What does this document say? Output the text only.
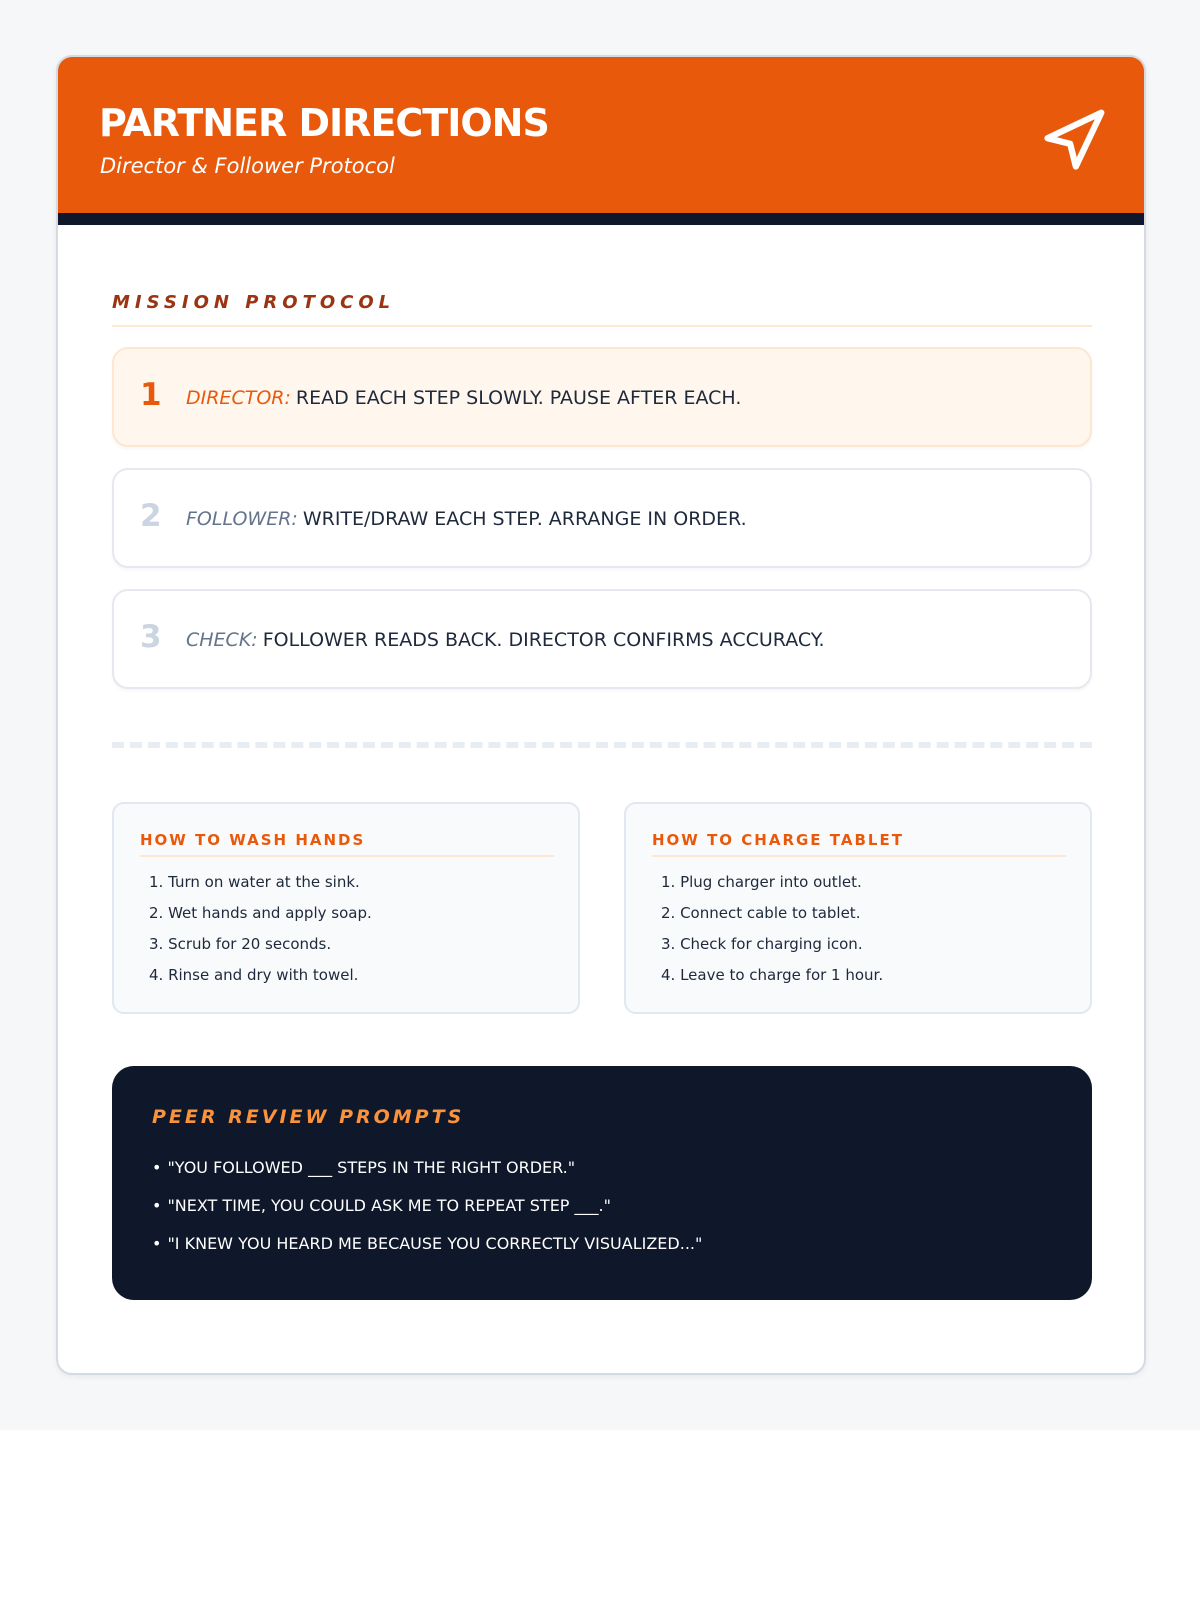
PARTNER DIRECTIONS
Director & Follower Protocol
MISSION PROTOCOL
1 DIRECTOR: READ EACH STEP SLOWLY. PAUSE AFTER EACH.
2 FOLLOWER: WRITE/DRAW EACH STEP. ARRANGE IN ORDER.
3 CHECK: FOLLOWER READS BACK. DIRECTOR CONFIRMS ACCURACY.
HOW TO WASH HANDS
1. Turn on water at the sink.
2. Wet hands and apply soap.
3. Scrub for 20 seconds.
4. Rinse and dry with towel.
HOW TO CHARGE TABLET
1. Plug charger into outlet.
2. Connect cable to tablet.
3. Check for charging icon.
4. Leave to charge for 1 hour.
PEER REVIEW PROMPTS
• "YOU FOLLOWED ___ STEPS IN THE RIGHT ORDER."
• "NEXT TIME, YOU COULD ASK ME TO REPEAT STEP ___."
• "I KNEW YOU HEARD ME BECAUSE YOU CORRECTLY VISUALIZED..."
